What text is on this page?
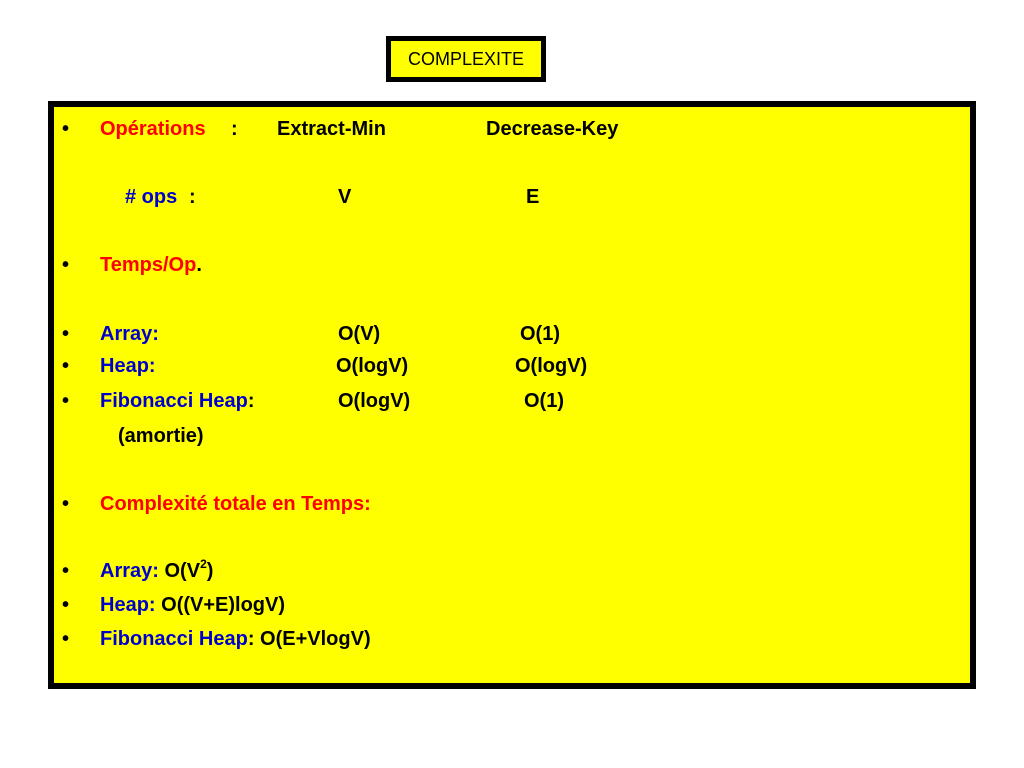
COMPLEXITE
• Opérations : Extract-Min	Decrease-Key
# ops :	V	E
• Temps/Op.
• Array:	O(V)	O(1)
• Heap:	O(logV)	O(logV)
• Fibonacci Heap:	O(logV)	O(1)
(amortie)
• Complexité totale en Temps:
• Array: $O(V^2)$
• Heap: O((V+E)logV)
• Fibonacci Heap: O(E+VlogV)
